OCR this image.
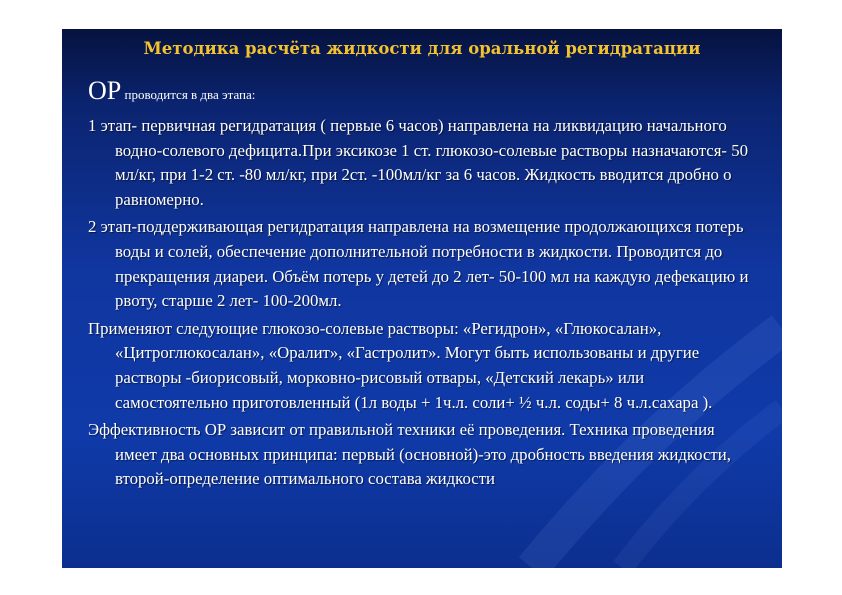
Методика расчёта жидкости для оральной регидратации

ОР проводится в два этапа:

1 этап- первичная регидратация ( первые 6 часов) направлена на ликвидацию начального водно-солевого дефицита.При эксикозе 1 ст. глюкозо-солевые растворы назначаются- 50 мл/кг, при 1-2 ст. -80 мл/кг, при 2ст. -100мл/кг за 6 часов. Жидкость вводится дробно о равномерно.

2 этап-поддерживающая регидратация направлена на возмещение продолжающихся потерь воды и солей, обеспечение дополнительной потребности в жидкости. Проводится до прекращения диареи. Объём потерь у детей до 2 лет- 50-100 мл на каждую дефекацию и рвоту, старше 2 лет- 100-200мл.

Применяют следующие глюкозо-солевые растворы: «Регидрон», «Глюкосалан», «Цитроглюкосалан», «Оралит», «Гастролит». Могут быть использованы и другие растворы -биорисовый, морковно-рисовый отвары, «Детский лекарь» или самостоятельно приготовленный (1л воды + 1ч.л. соли+ ½ ч.л. соды+ 8 ч.л.сахара ).

Эффективность ОР зависит от правильной техники её проведения. Техника проведения имеет два основных принципа: первый (основной)-это дробность введения жидкости, второй-определение оптимального состава жидкости
